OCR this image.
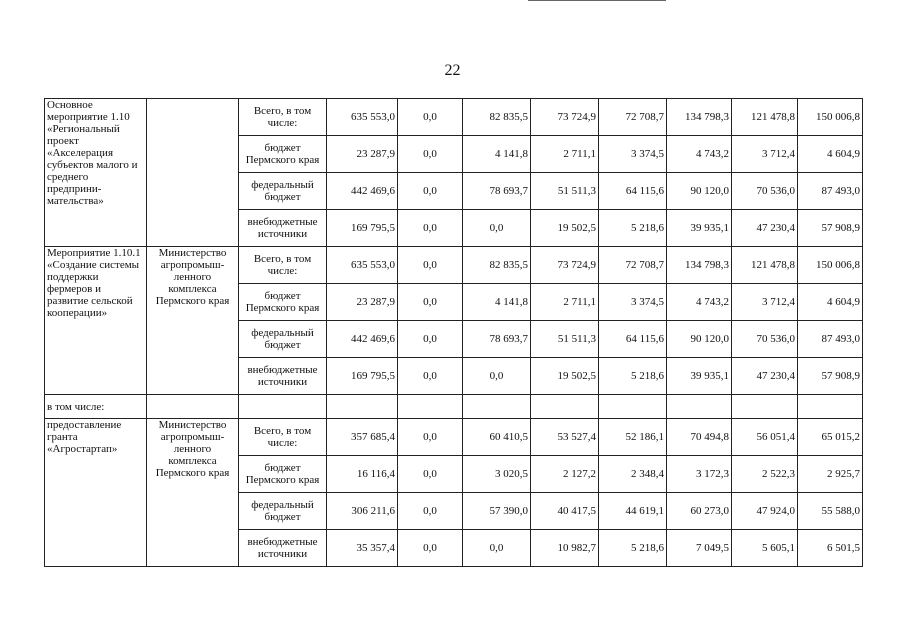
22
Основное мероприятие 1.10 «Региональный проект «Акселерация субъектов малого и среднего предприни-мательства»		Всего, в том числе:	635 553,0	0,0	82 835,5	73 724,9	72 708,7	134 798,3	121 478,8	150 006,8
		бюджет Пермского края	23 287,9	0,0	4 141,8	2 711,1	3 374,5	4 743,2	3 712,4	4 604,9
		федеральный бюджет	442 469,6	0,0	78 693,7	51 511,3	64 115,6	90 120,0	70 536,0	87 493,0
		внебюджетные источники	169 795,5	0,0	0,0	19 502,5	5 218,6	39 935,1	47 230,4	57 908,9
Мероприятие 1.10.1 «Создание системы поддержки фермеров и развитие сельской кооперации»	Министерство агропромыш-ленного комплекса Пермского края	Всего, в том числе:	635 553,0	0,0	82 835,5	73 724,9	72 708,7	134 798,3	121 478,8	150 006,8
		бюджет Пермского края	23 287,9	0,0	4 141,8	2 711,1	3 374,5	4 743,2	3 712,4	4 604,9
		федеральный бюджет	442 469,6	0,0	78 693,7	51 511,3	64 115,6	90 120,0	70 536,0	87 493,0
		внебюджетные источники	169 795,5	0,0	0,0	19 502,5	5 218,6	39 935,1	47 230,4	57 908,9
в том числе:										
предоставление гранта «Агростартап»	Министерство агропромыш-ленного комплекса Пермского края	Всего, в том числе:	357 685,4	0,0	60 410,5	53 527,4	52 186,1	70 494,8	56 051,4	65 015,2
		бюджет Пермского края	16 116,4	0,0	3 020,5	2 127,2	2 348,4	3 172,3	2 522,3	2 925,7
		федеральный бюджет	306 211,6	0,0	57 390,0	40 417,5	44 619,1	60 273,0	47 924,0	55 588,0
		внебюджетные источники	35 357,4	0,0	0,0	10 982,7	5 218,6	7 049,5	5 605,1	6 501,5
